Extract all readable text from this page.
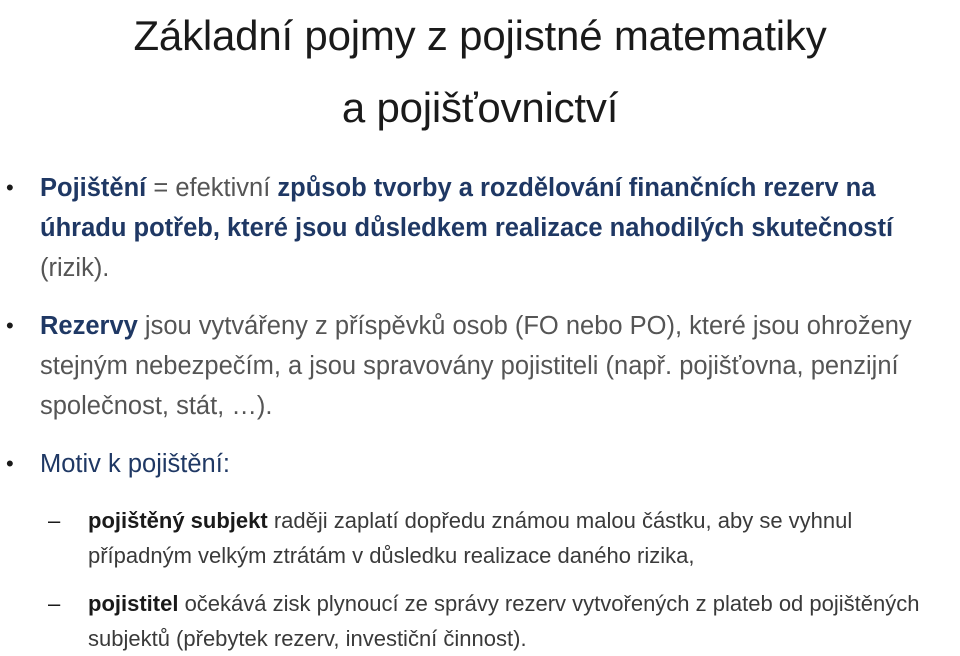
Základní pojmy z pojistné matematiky
a pojišťovnictví
• Pojištění = efektivní způsob tvorby a rozdělování finančních rezerv na úhradu potřeb, které jsou důsledkem realizace nahodilých skutečností (rizik).
• Rezervy jsou vytvářeny z příspěvků osob (FO nebo PO), které jsou ohroženy stejným nebezpečím, a jsou spravovány pojistiteli (např. pojišťovna, penzijní společnost, stát, …).
• Motiv k pojištění:
– pojištěný subjekt raději zaplatí dopředu známou malou částku, aby se vyhnul případným velkým ztrátám v důsledku realizace daného rizika,
– pojistitel očekává zisk plynoucí ze správy rezerv vytvořených z plateb od pojištěných subjektů (přebytek rezerv, investiční činnost).
